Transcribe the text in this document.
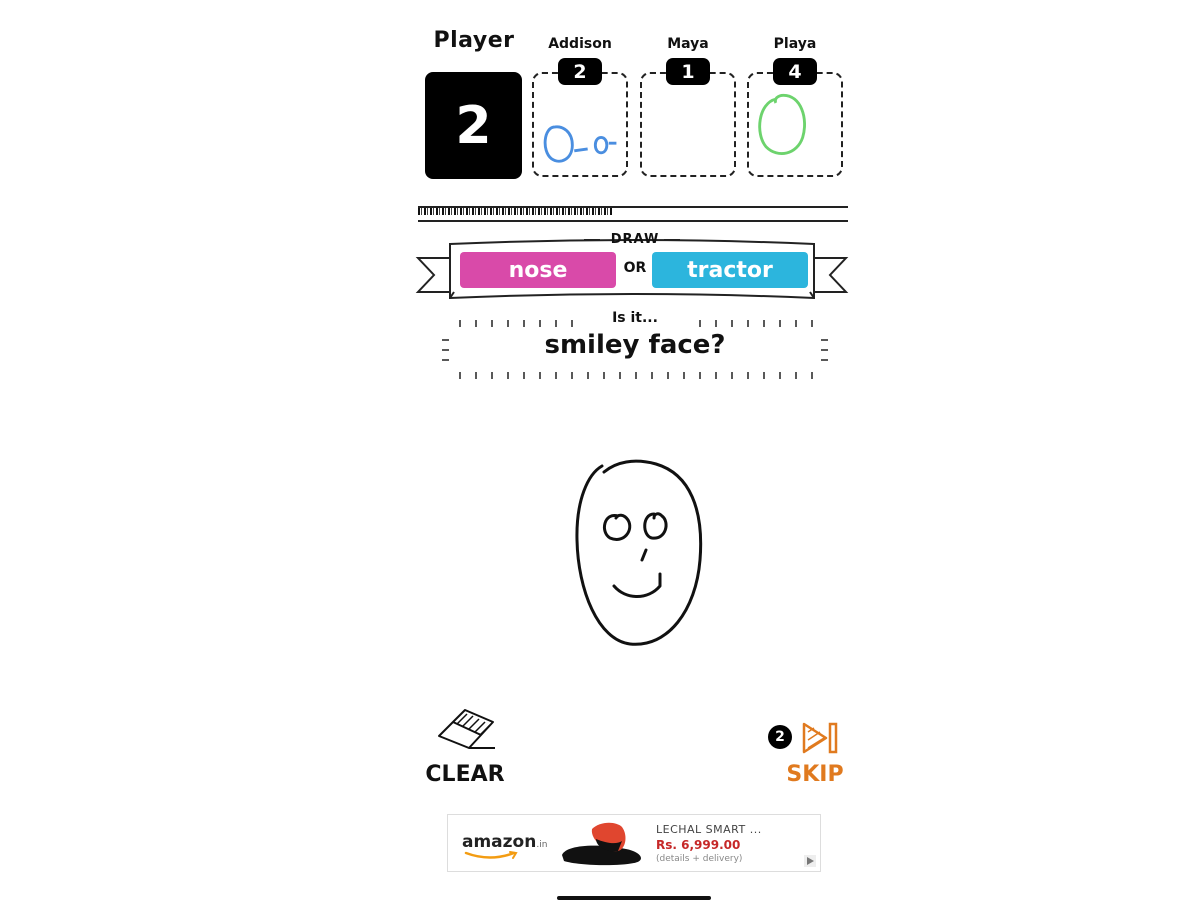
Player
2
Addison
2
Maya
1
Playa
4
DRAW
nose	OR	tractor
Is it...
smiley face?
CLEAR
2
SKIP
amazon.in
LECHAL SMART ...
Rs. 6,999.00
(details + delivery)
